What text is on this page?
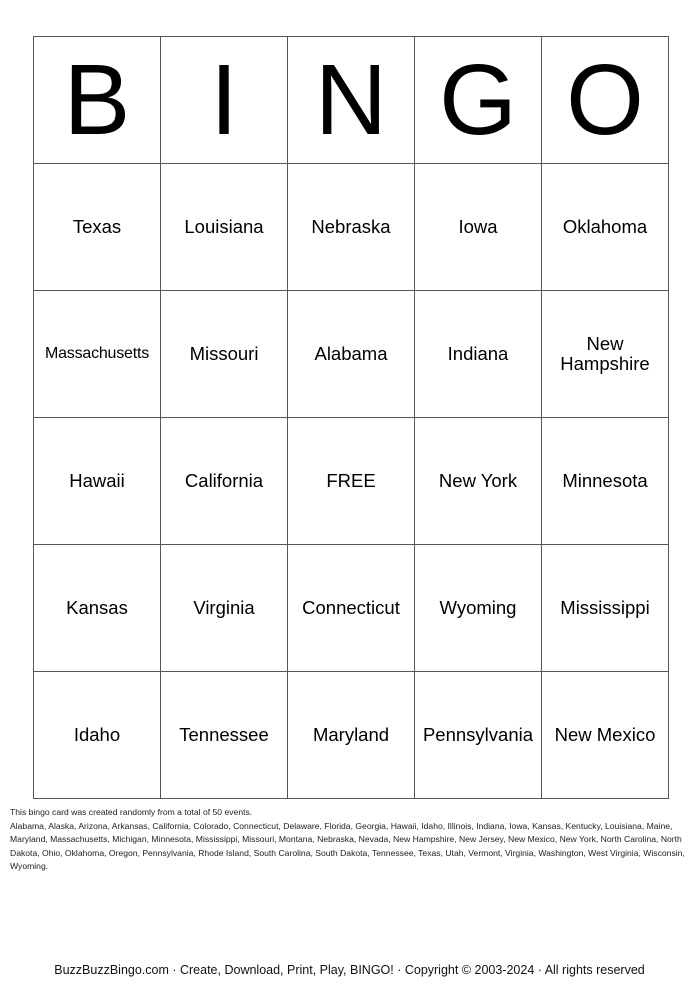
B	I	N	G	O
Texas	Louisiana	Nebraska	Iowa	Oklahoma
Massachusetts	Missouri	Alabama	Indiana	New Hampshire
Hawaii	California	FREE	New York	Minnesota
Kansas	Virginia	Connecticut	Wyoming	Mississippi
Idaho	Tennessee	Maryland	Pennsylvania	New Mexico

This bingo card was created randomly from a total of 50 events.

Alabama, Alaska, Arizona, Arkansas, California, Colorado, Connecticut, Delaware, Florida, Georgia, Hawaii, Idaho, Illinois, Indiana, Iowa, Kansas, Kentucky, Louisiana, Maine, Maryland, Massachusetts, Michigan, Minnesota, Mississippi, Missouri, Montana, Nebraska, Nevada, New Hampshire, New Jersey, New Mexico, New York, North Carolina, North Dakota, Ohio, Oklahoma, Oregon, Pennsylvania, Rhode Island, South Carolina, South Dakota, Tennessee, Texas, Utah, Vermont, Virginia, Washington, West Virginia, Wisconsin, Wyoming.

BuzzBuzzBingo.com · Create, Download, Print, Play, BINGO! · Copyright © 2003-2024 · All rights reserved
